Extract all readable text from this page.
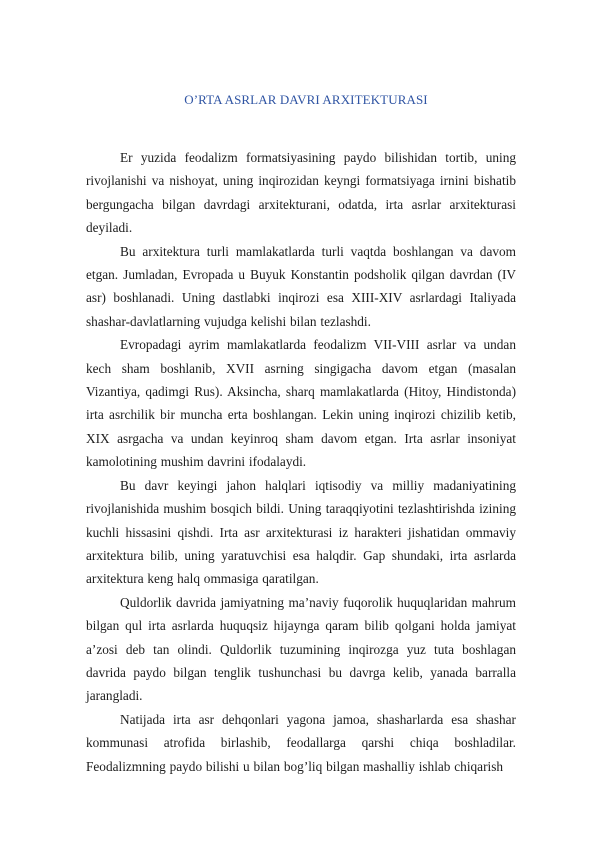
O’RTA ASRLAR DAVRI ARXITEKTURASI

Er yuzida feodalizm formatsiyasining paydo bilishidan tortib, uning rivojlanishi va nishoyat, uning inqirozidan keyngi formatsiyaga irnini bishatib bergungacha bilgan davrdagi arxitekturani, odatda, irta asrlar arxitekturasi deyiladi.

Bu arxitektura turli mamlakatlarda turli vaqtda boshlangan va davom etgan. Jumladan, Evropada u Buyuk Konstantin podsholik qilgan davrdan (IV asr) boshlanadi. Uning dastlabki inqirozi esa XIII-XIV asrlardagi Italiyada shashar-davlatlarning vujudga kelishi bilan tezlashdi.

Evropadagi ayrim mamlakatlarda feodalizm VII-VIII asrlar va undan kech sham boshlanib, XVII asrning singigacha davom etgan (masalan Vizantiya, qadimgi Rus). Aksincha, sharq mamlakatlarda (Hitoy, Hindistonda) irta asrchilik bir muncha erta boshlangan. Lekin uning inqirozi chizilib ketib, XIX asrgacha va undan keyinroq sham davom etgan. Irta asrlar insoniyat kamolotining mushim davrini ifodalaydi.

Bu davr keyingi jahon halqlari iqtisodiy va milliy madaniyatining rivojlanishida mushim bosqich bildi. Uning taraqqiyotini tezlashtirishda izining kuchli hissasini qishdi. Irta asr arxitekturasi iz harakteri jishatidan ommaviy arxitektura bilib, uning yaratuvchisi esa halqdir. Gap shundaki, irta asrlarda arxitektura keng halq ommasiga qaratilgan.

Quldorlik davrida jamiyatning ma’naviy fuqorolik huquqlaridan mahrum bilgan qul irta asrlarda huquqsiz hijaynga qaram bilib qolgani holda jamiyat a’zosi deb tan olindi. Quldorlik tuzumining inqirozga yuz tuta boshlagan davrida paydo bilgan tenglik tushunchasi bu davrga kelib, yanada barralla jarangladi.

Natijada irta asr dehqonlari yagona jamoa, shasharlarda esa shashar kommunasi atrofida birlashib, feodallarga qarshi chiqa boshladilar. Feodalizmning paydo bilishi u bilan bog’liq bilgan mashalliy ishlab chiqarish
